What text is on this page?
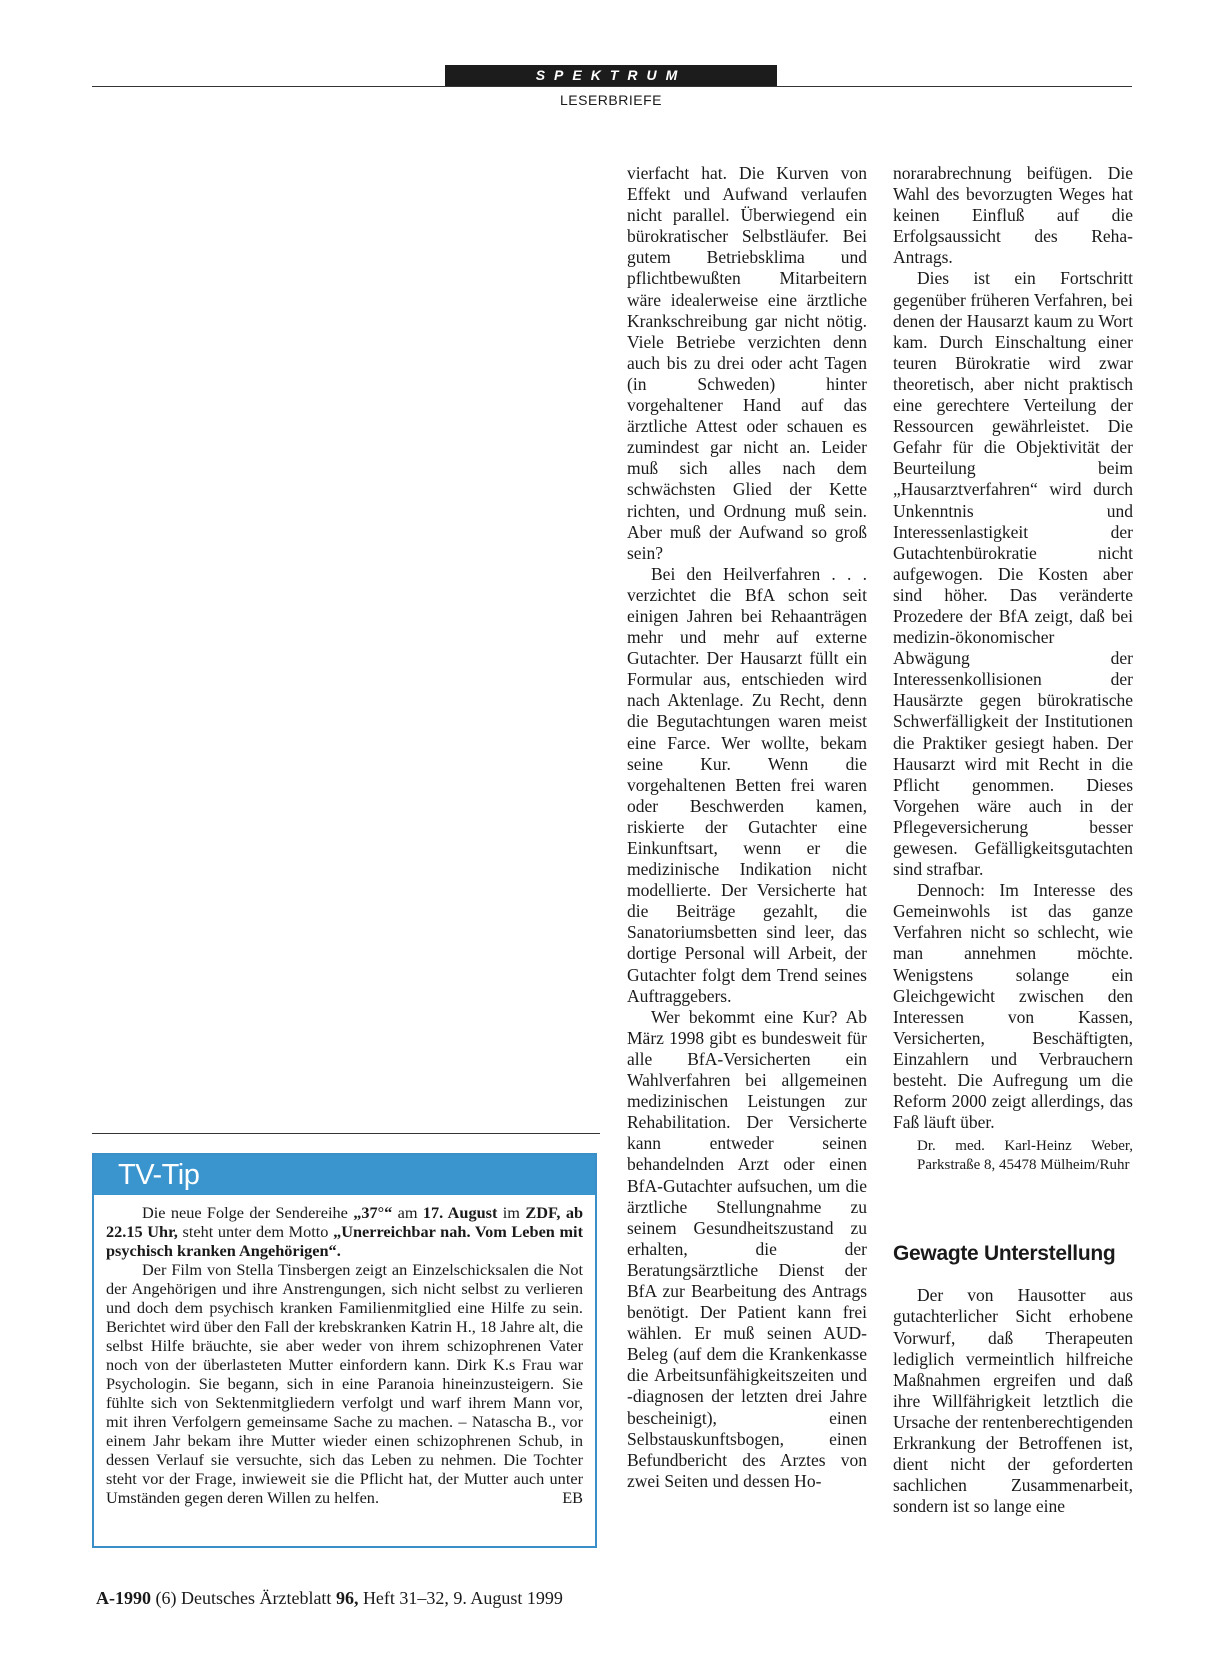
SPEKTRUM
LESERBRIEFE

vierfacht hat. Die Kurven von Effekt und Aufwand verlaufen nicht parallel. Überwiegend ein bürokratischer Selbstläufer. Bei gutem Betriebsklima und pflichtbewußten Mitarbeitern wäre idealerweise eine ärztliche Krankschreibung gar nicht nötig. Viele Betriebe verzichten denn auch bis zu drei oder acht Tagen (in Schweden) hinter vorgehaltener Hand auf das ärztliche Attest oder schauen es zumindest gar nicht an. Leider muß sich alles nach dem schwächsten Glied der Kette richten, und Ordnung muß sein. Aber muß der Aufwand so groß sein?

Bei den Heilverfahren . . . verzichtet die BfA schon seit einigen Jahren bei Rehaanträgen mehr und mehr auf externe Gutachter. Der Hausarzt füllt ein Formular aus, entschieden wird nach Aktenlage. Zu Recht, denn die Begutachtungen waren meist eine Farce. Wer wollte, bekam seine Kur. Wenn die vorgehaltenen Betten frei waren oder Beschwerden kamen, riskierte der Gutachter eine Einkunftsart, wenn er die medizinische Indikation nicht modellierte. Der Versicherte hat die Beiträge gezahlt, die Sanatoriumsbetten sind leer, das dortige Personal will Arbeit, der Gutachter folgt dem Trend seines Auftraggebers.

Wer bekommt eine Kur? Ab März 1998 gibt es bundesweit für alle BfA-Versicherten ein Wahlverfahren bei allgemeinen medizinischen Leistungen zur Rehabilitation. Der Versicherte kann entweder seinen behandelnden Arzt oder einen BfA-Gutachter aufsuchen, um die ärztliche Stellungnahme zu seinem Gesundheitszustand zu erhalten, die der Beratungsärztliche Dienst der BfA zur Bearbeitung des Antrags benötigt. Der Patient kann frei wählen. Er muß seinen AUD-Beleg (auf dem die Krankenkasse die Arbeitsunfähigkeitszeiten und -diagnosen der letzten drei Jahre bescheinigt), einen Selbstauskunftsbogen, einen Befundbericht des Arztes von zwei Seiten und dessen Ho-

norarabrechnung beifügen. Die Wahl des bevorzugten Weges hat keinen Einfluß auf die Erfolgsaussicht des Reha-Antrags.

Dies ist ein Fortschritt gegenüber früheren Verfahren, bei denen der Hausarzt kaum zu Wort kam. Durch Einschaltung einer teuren Bürokratie wird zwar theoretisch, aber nicht praktisch eine gerechtere Verteilung der Ressourcen gewährleistet. Die Gefahr für die Objektivität der Beurteilung beim „Hausarztverfahren“ wird durch Unkenntnis und Interessenlastigkeit der Gutachtenbürokratie nicht aufgewogen. Die Kosten aber sind höher. Das veränderte Prozedere der BfA zeigt, daß bei medizin-ökonomischer Abwägung der Interessenkollisionen der Hausärzte gegen bürokratische Schwerfälligkeit der Institutionen die Praktiker gesiegt haben. Der Hausarzt wird mit Recht in die Pflicht genommen. Dieses Vorgehen wäre auch in der Pflegeversicherung besser gewesen. Gefälligkeitsgutachten sind strafbar.

Dennoch: Im Interesse des Gemeinwohls ist das ganze Verfahren nicht so schlecht, wie man annehmen möchte. Wenigstens solange ein Gleichgewicht zwischen den Interessen von Kassen, Versicherten, Beschäftigten, Einzahlern und Verbrauchern besteht. Die Aufregung um die Reform 2000 zeigt allerdings, das Faß läuft über.

Dr. med. Karl-Heinz Weber, Parkstraße 8, 45478 Mülheim/Ruhr

Gewagte Unterstellung

Der von Hausotter aus gutachterlicher Sicht erhobene Vorwurf, daß Therapeuten lediglich vermeintlich hilfreiche Maßnahmen ergreifen und daß ihre Willfährigkeit letztlich die Ursache der rentenberechtigenden Erkrankung der Betroffenen ist, dient nicht der geforderten sachlichen Zusammenarbeit, sondern ist so lange eine

TV-Tip

Die neue Folge der Sendereihe „37°“ am 17. August im ZDF, ab 22.15 Uhr, steht unter dem Motto „Unerreichbar nah. Vom Leben mit psychisch kranken Angehörigen“.

Der Film von Stella Tinsbergen zeigt an Einzelschicksalen die Not der Angehörigen und ihre Anstrengungen, sich nicht selbst zu verlieren und doch dem psychisch kranken Familienmitglied eine Hilfe zu sein. Berichtet wird über den Fall der krebskranken Katrin H., 18 Jahre alt, die selbst Hilfe bräuchte, sie aber weder von ihrem schizophrenen Vater noch von der überlasteten Mutter einfordern kann. Dirk K.s Frau war Psychologin. Sie begann, sich in eine Paranoia hineinzusteigern. Sie fühlte sich von Sektenmitgliedern verfolgt und warf ihrem Mann vor, mit ihren Verfolgern gemeinsame Sache zu machen. – Natascha B., vor einem Jahr bekam ihre Mutter wieder einen schizophrenen Schub, in dessen Verlauf sie versuchte, sich das Leben zu nehmen. Die Tochter steht vor der Frage, inwieweit sie die Pflicht hat, der Mutter auch unter Umständen gegen deren Willen zu helfen.	EB

A-1990 (6) Deutsches Ärzteblatt 96, Heft 31–32, 9. August 1999
